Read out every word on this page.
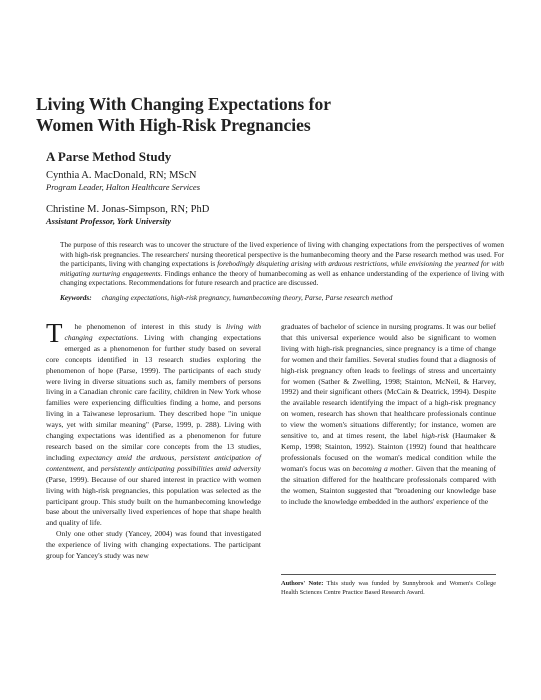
Living With Changing Expectations for
Women With High-Risk Pregnancies
A Parse Method Study
Cynthia A. MacDonald, RN; MScN
Program Leader, Halton Healthcare Services
Christine M. Jonas-Simpson, RN; PhD
Assistant Professor, York University

The purpose of this research was to uncover the structure of the lived experience of living with changing expectations from the perspectives of women with high-risk pregnancies. The researchers' nursing theoretical perspective is the humanbecoming theory and the Parse research method was used. For the participants, living with changing expectations is forebodingly disquieting arising with arduous restrictions, while envisioning the yearned for with mitigating nurturing engagements. Findings enhance the theory of humanbecoming as well as enhance understanding of the experience of living with changing expectations. Recommendations for future research and practice are discussed.

Keywords: changing expectations, high-risk pregnancy, humanbecoming theory, Parse, Parse research method

T he phenomenon of interest in this study is living with changing expectations. Living with changing expectations emerged as a phenomenon for further study based on several core concepts identified in 13 research studies exploring the phenomenon of hope (Parse, 1999). The participants of each study were living in diverse situations such as, family members of persons living in a Canadian chronic care facility, children in New York whose families were experiencing difficulties finding a home, and persons living in a Taiwanese leprosarium. They described hope "in unique ways, yet with similar meaning" (Parse, 1999, p. 288). Living with changing expectations was identified as a phenomenon for future research based on the similar core concepts from the 13 studies, including expectancy amid the arduous, persistent anticipation of contentment, and persistently anticipating possibilities amid adversity (Parse, 1999). Because of our shared interest in practice with women living with high-risk pregnancies, this population was selected as the participant group. This study built on the humanbecoming knowledge base about the universally lived experiences of hope that shape health and quality of life.

Only one other study (Yancey, 2004) was found that investigated the experience of living with changing expectations. The participant group for Yancey's study was new

graduates of bachelor of science in nursing programs. It was our belief that this universal experience would also be significant to women living with high-risk pregnancies, since pregnancy is a time of change for women and their families. Several studies found that a diagnosis of high-risk pregnancy often leads to feelings of stress and uncertainty for women (Sather & Zwelling, 1998; Stainton, McNeil, & Harvey, 1992) and their significant others (McCain & Deatrick, 1994). Despite the available research identifying the impact of a high-risk pregnancy on women, research has shown that healthcare professionals continue to view the women's situations differently; for instance, women are sensitive to, and at times resent, the label high-risk (Haumaker & Kemp, 1998; Stainton, 1992). Stainton (1992) found that healthcare professionals focused on the woman's medical condition while the woman's focus was on becoming a mother. Given that the meaning of the situation differed for the healthcare professionals compared with the women, Stainton suggested that "broadening our knowledge base to include the knowledge embedded in the authors' experience of the

Authors' Note: This study was funded by Sunnybrook and Women's College Health Sciences Centre Practice Based Research Award.
